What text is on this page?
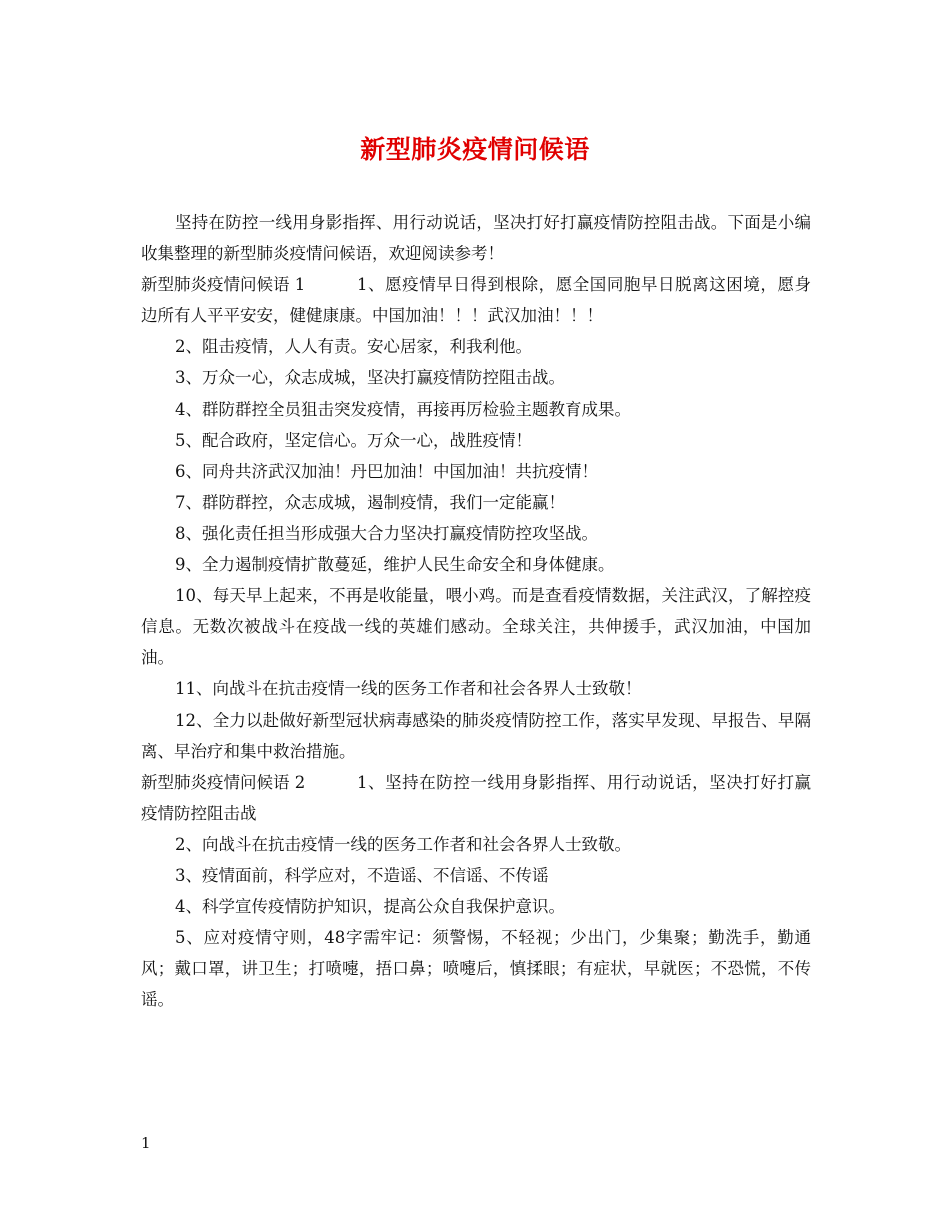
新型肺炎疫情问候语

坚持在防控一线用身影指挥、用行动说话，坚决打好打赢疫情防控阻击战。下面是小编收集整理的新型肺炎疫情问候语，欢迎阅读参考！

新型肺炎疫情问候语 1	1、愿疫情早日得到根除，愿全国同胞早日脱离这困境，愿身边所有人平平安安，健健康康。中国加油！！！武汉加油！！！

2、阻击疫情，人人有责。安心居家，利我利他。

3、万众一心，众志成城，坚决打赢疫情防控阻击战。

4、群防群控全员狙击突发疫情，再接再厉检验主题教育成果。

5、配合政府，坚定信心。万众一心，战胜疫情！

6、同舟共济武汉加油！丹巴加油！中国加油！共抗疫情！

7、群防群控，众志成城，遏制疫情，我们一定能赢！

8、强化责任担当形成强大合力坚决打赢疫情防控攻坚战。

9、全力遏制疫情扩散蔓延，维护人民生命安全和身体健康。

10、每天早上起来，不再是收能量，喂小鸡。而是查看疫情数据，关注武汉，了解控疫信息。无数次被战斗在疫战一线的英雄们感动。全球关注，共伸援手，武汉加油，中国加油。

11、向战斗在抗击疫情一线的医务工作者和社会各界人士致敬！

12、全力以赴做好新型冠状病毒感染的肺炎疫情防控工作，落实早发现、早报告、早隔离、早治疗和集中救治措施。

新型肺炎疫情问候语 2	1、坚持在防控一线用身影指挥、用行动说话，坚决打好打赢疫情防控阻击战

2、向战斗在抗击疫情一线的医务工作者和社会各界人士致敬。

3、疫情面前，科学应对，不造谣、不信谣、不传谣

4、科学宣传疫情防护知识，提高公众自我保护意识。

5、应对疫情守则，48字需牢记：须警惕，不轻视；少出门，少集聚；勤洗手，勤通风；戴口罩，讲卫生；打喷嚏，捂口鼻；喷嚏后，慎揉眼；有症状，早就医；不恐慌，不传谣。

1
